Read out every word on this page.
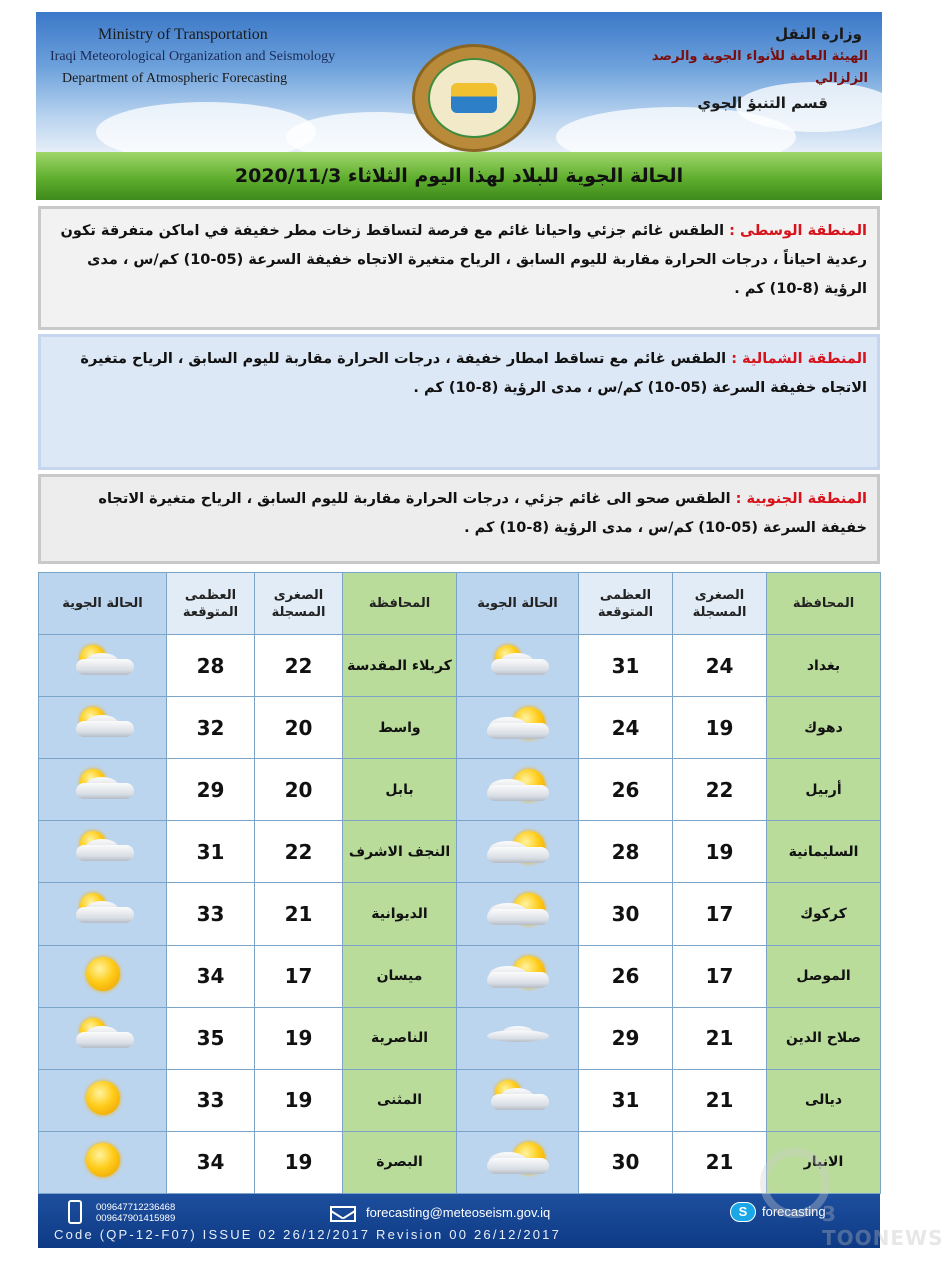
Ministry of Transportation
Iraqi Meteorological Organization and Seismology
Department of Atmospheric Forecasting
وزارة النقل
الهيئة العامة للأنواء الجوية والرصد الزلزالي
قسم التنبؤ الجوي
الحالة الجوية للبلاد لهذا اليوم الثلاثاء 2020/11/3
المنطقة الوسطى : الطقس غائم جزئي واحيانا غائم مع فرصة لتساقط زخات مطر خفيفة في اماكن متفرقة تكون رعدية احياناً ، درجات الحرارة مقاربة لليوم السابق ، الرياح متغيرة الاتجاه خفيفة السرعة (05-10) كم/س ، مدى الرؤية (8-10) كم .
المنطقة الشمالية : الطقس غائم مع تساقط امطار خفيفة ، درجات الحرارة مقاربة لليوم السابق ، الرياح متغيرة الاتجاه خفيفة السرعة (05-10) كم/س ، مدى الرؤية (8-10) كم .
المنطقة الجنوبية : الطقس صحو الى غائم جزئي ، درجات الحرارة مقاربة لليوم السابق ، الرياح متغيرة الاتجاه خفيفة السرعة (05-10) كم/س ، مدى الرؤية (8-10) كم .
المحافظة	الصغرى المسجلة	العظمى المتوقعة	الحالة الجوية	المحافظة	الصغرى المسجلة	العظمى المتوقعة	الحالة الجوية
بغداد	24	31		كربلاء المقدسة	22	28	

دهوك	19	24		واسط	20	32	

أربيل	22	26		بابل	20	29	

السليمانية	19	28		النجف الاشرف	22	31	

كركوك	17	30		الديوانية	21	33	

الموصل	17	26		ميسان	17	34	

صلاح الدين	21	29		الناصرية	19	35	

ديالى	21	31		المثنى	19	33	

الانبار	21	30		البصرة	19	34	
009647712236468
009647901415989	forecasting@meteoseism.gov.iq	S	forecasting
Code (QP-12-F07) ISSUE 02 26/12/2017 Revision 00 26/12/2017
3 TOONEWS
